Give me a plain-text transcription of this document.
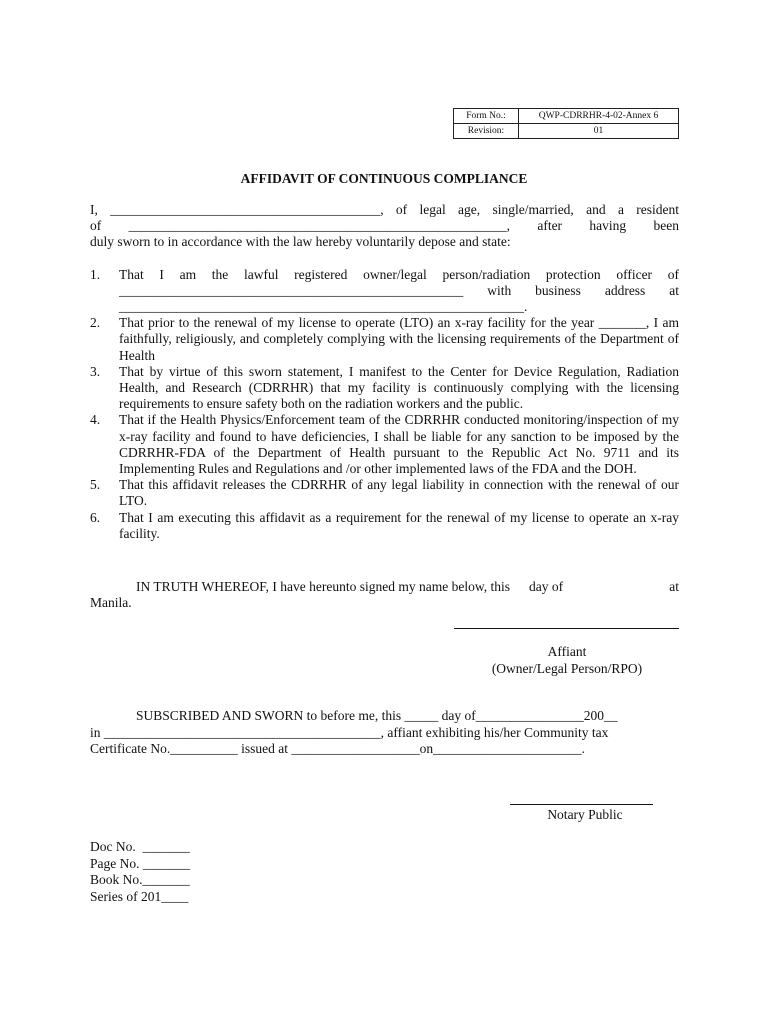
Form No.:	QWP-CDRRHR-4-02-Annex 6
Revision:	01
AFFIDAVIT OF CONTINUOUS COMPLIANCE

I, ________________________________________, of legal age, single/married, and a resident

of ________________________________________________________, after having been

duly sworn to in accordance with the law hereby voluntarily depose and state:

1. That I am the lawful registered owner/legal person/radiation protection officer of ___________________________________________________ with business address at ____________________________________________________________.
2. That prior to the renewal of my license to operate (LTO) an x-ray facility for the year _______, I am faithfully, religiously, and completely complying with the licensing requirements of the Department of Health
3. That by virtue of this sworn statement, I manifest to the Center for Device Regulation, Radiation Health, and Research (CDRRHR) that my facility is continuously complying with the licensing requirements to ensure safety both on the radiation workers and the public.
4. That if the Health Physics/Enforcement team of the CDRRHR conducted monitoring/inspection of my x-ray facility and found to have deficiencies, I shall be liable for any sanction to be imposed by the CDRRHR-FDA of the Department of Health pursuant to the Republic Act No. 9711 and its Implementing Rules and Regulations and /or other implemented laws of the FDA and the DOH.
5. That this affidavit releases the CDRRHR of any legal liability in connection with the renewal of our LTO.
6. That I am executing this affidavit as a requirement for the renewal of my license to operate an x-ray facility.
IN TRUTH WHEREOF, I have hereunto signed my name below, this day of	at
Manila.
Affiant
(Owner/Legal Person/RPO)

SUBSCRIBED AND SWORN to before me, this _____ day of________________200__

in _________________________________________, affiant exhibiting his/her Community tax

Certificate No.__________ issued at ___________________on______________________.

Notary Public
Doc No.  _______
Page No. _______
Book No._______
Series of 201____
